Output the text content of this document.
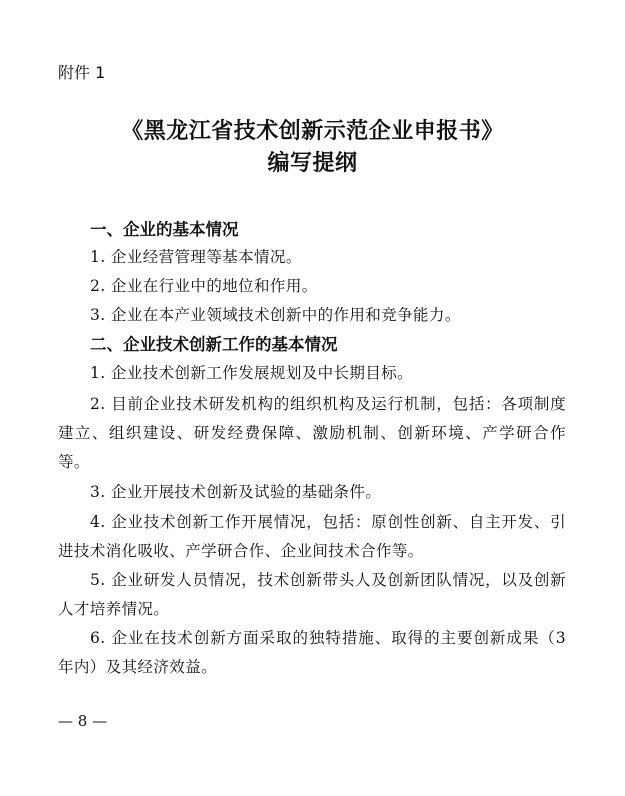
附件 1
《黑龙江省技术创新示范企业申报书》
编写提纲
一、企业的基本情况
1. 企业经营管理等基本情况。
2. 企业在行业中的地位和作用。
3. 企业在本产业领域技术创新中的作用和竞争能力。
二、企业技术创新工作的基本情况
1. 企业技术创新工作发展规划及中长期目标。
2. 目前企业技术研发机构的组织机构及运行机制，包括：各项制度建立、组织建设、研发经费保障、激励机制、创新环境、产学研合作等。
3. 企业开展技术创新及试验的基础条件。
4. 企业技术创新工作开展情况，包括：原创性创新、自主开发、引进技术消化吸收、产学研合作、企业间技术合作等。
5. 企业研发人员情况，技术创新带头人及创新团队情况，以及创新人才培养情况。
6. 企业在技术创新方面采取的独特措施、取得的主要创新成果（3 年内）及其经济效益。
— 8 —
